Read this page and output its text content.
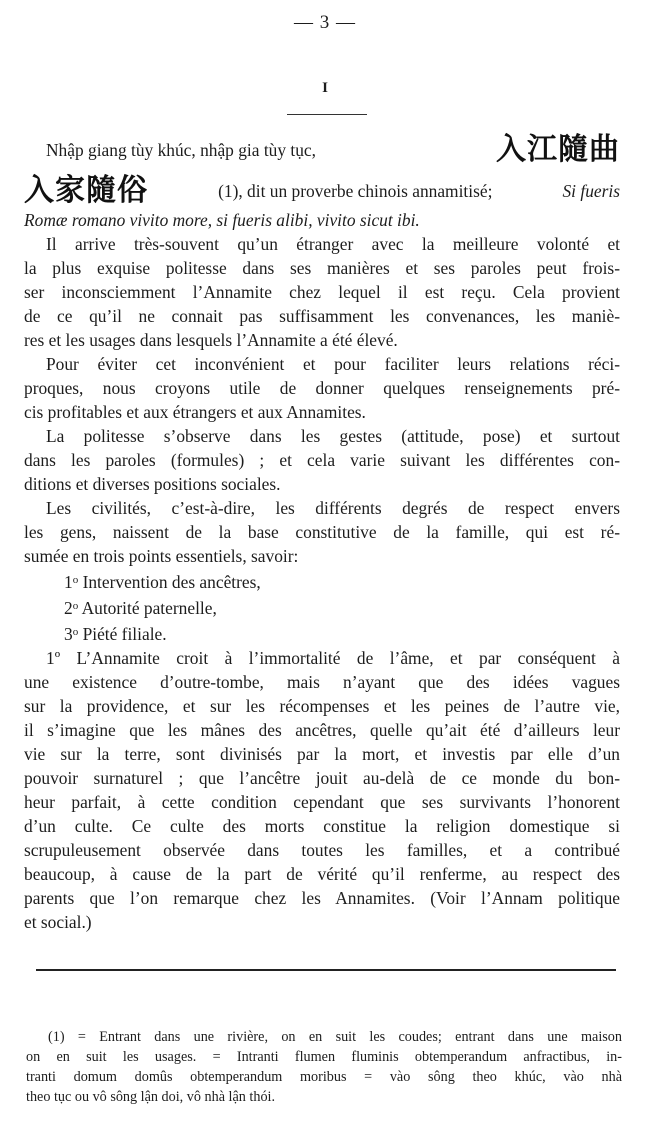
— 3 —
I
Nhập giang tùy khúc, nhập gia tùy tục,	入江隨曲
入家隨俗	(1), dit un proverbe chinois annamitisé;	Si fueris
Romæ romano vivito more, si fueris alibi, vivito sicut ibi.
Il arrive très-souvent qu’un étranger avec la meilleure volonté et
la plus exquise politesse dans ses manières et ses paroles peut frois-
ser inconsciemment l’Annamite chez lequel il est reçu. Cela provient
de ce qu’il ne connait pas suffisamment les convenances, les maniè-
res et les usages dans lesquels l’Annamite a été élevé.
Pour éviter cet inconvénient et pour faciliter leurs relations réci-
proques, nous croyons utile de donner quelques renseignements pré-
cis profitables et aux étrangers et aux Annamites.
La politesse s’observe dans les gestes (attitude, pose) et surtout
dans les paroles (formules) ; et cela varie suivant les différentes con-
ditions et diverses positions sociales.
Les civilités, c’est-à-dire, les différents degrés de respect envers
les gens, naissent de la base constitutive de la famille, qui est ré-
sumée en trois points essentiels, savoir:
1$^o$ Intervention des ancêtres,
2$^o$ Autorité paternelle,
3$^o$ Piété filiale.
1º L’Annamite croit à l’immortalité de l’âme, et par conséquent à
une existence d’outre-tombe, mais n’ayant que des idées vagues
sur la providence, et sur les récompenses et les peines de l’autre vie,
il s’imagine que les mânes des ancêtres, quelle qu’ait été d’ailleurs leur
vie sur la terre, sont divinisés par la mort, et investis par elle d’un
pouvoir surnaturel ; que l’ancêtre jouit au-delà de ce monde du bon-
heur parfait, à cette condition cependant que ses survivants l’honorent
d’un culte. Ce culte des morts constitue la religion domestique si
scrupuleusement observée dans toutes les familles, et a contribué
beaucoup, à cause de la part de vérité qu’il renferme, au respect des
parents que l’on remarque chez les Annamites. (Voir l’Annam politique
et social.)
(1) = Entrant dans une rivière, on en suit les coudes; entrant dans une maison
on en suit les usages. = Intranti flumen fluminis obtemperandum anfractibus, in-
tranti domum domûs obtemperandum moribus = vào sông theo khúc, vào nhà
theo tục ou vô sông lận doi, vô nhà lận thói.
